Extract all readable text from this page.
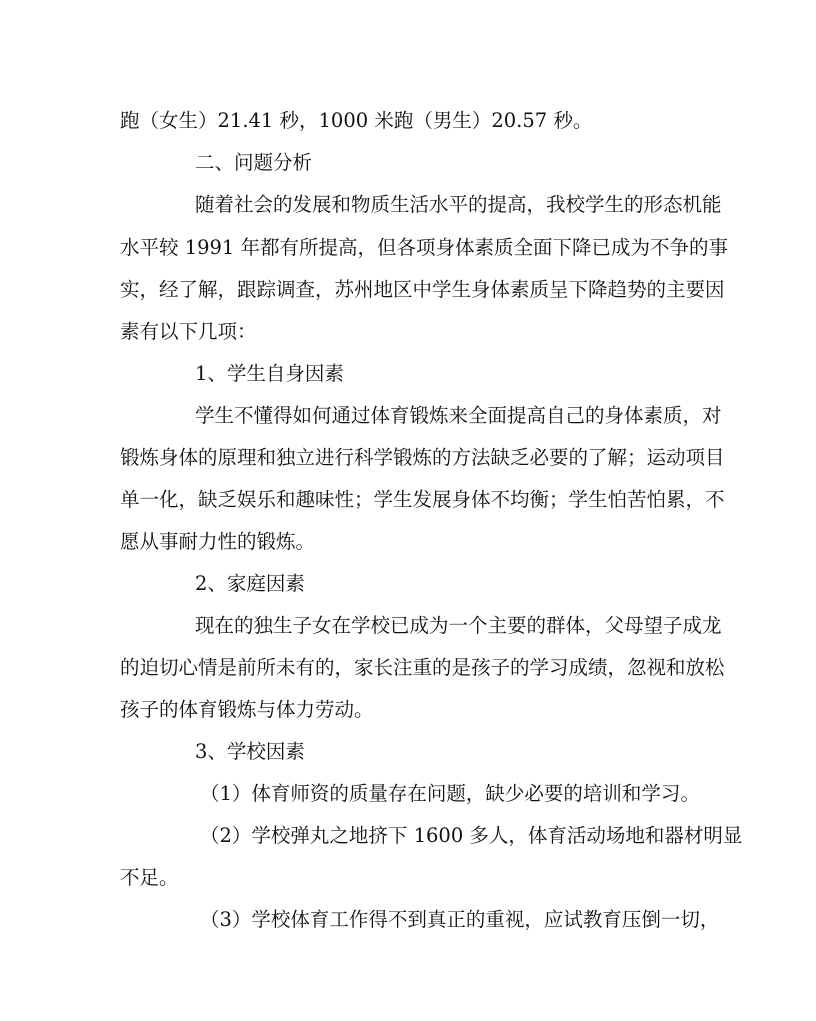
跑（女生）21.41 秒，1000 米跑（男生）20.57 秒。
二、问题分析
随着社会的发展和物质生活水平的提高，我校学生的形态机能
水平较 1991 年都有所提高，但各项身体素质全面下降已成为不争的事
实，经了解，跟踪调查，苏州地区中学生身体素质呈下降趋势的主要因
素有以下几项：
1、学生自身因素
学生不懂得如何通过体育锻炼来全面提高自己的身体素质，对
锻炼身体的原理和独立进行科学锻炼的方法缺乏必要的了解；运动项目
单一化，缺乏娱乐和趣味性；学生发展身体不均衡；学生怕苦怕累，不
愿从事耐力性的锻炼。
2、家庭因素
现在的独生子女在学校已成为一个主要的群体，父母望子成龙
的迫切心情是前所未有的，家长注重的是孩子的学习成绩，忽视和放松
孩子的体育锻炼与体力劳动。
3、学校因素
（1）体育师资的质量存在问题，缺少必要的培训和学习。
（2）学校弹丸之地挤下 1600 多人，体育活动场地和器材明显
不足。
（3）学校体育工作得不到真正的重视，应试教育压倒一切，
